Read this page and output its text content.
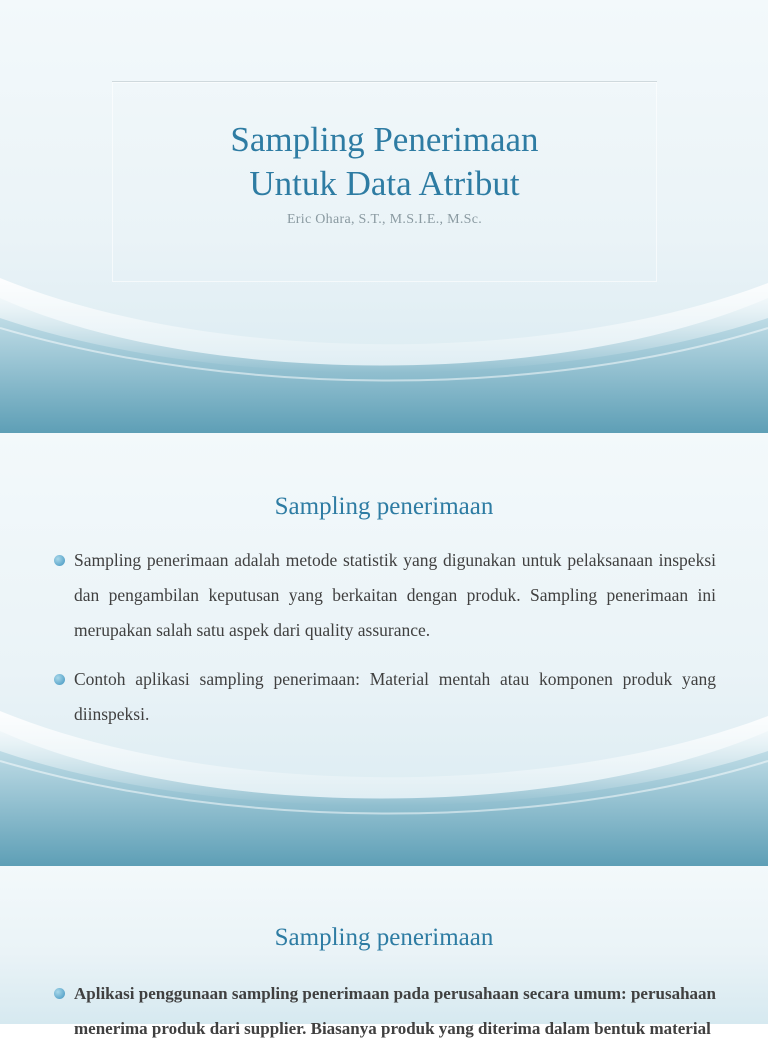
Sampling Penerimaan
Untuk Data Atribut
Eric Ohara, S.T., M.S.I.E., M.Sc.
Sampling penerimaan
Sampling penerimaan adalah metode statistik yang digunakan untuk pelaksanaan inspeksi dan pengambilan keputusan yang berkaitan dengan produk. Sampling penerimaan ini merupakan salah satu aspek dari quality assurance.
Contoh aplikasi sampling penerimaan: Material mentah atau komponen produk yang diinspeksi.
Sampling penerimaan
Aplikasi penggunaan sampling penerimaan pada perusahaan secara umum: perusahaan menerima produk dari supplier. Biasanya produk yang diterima dalam bentuk material
